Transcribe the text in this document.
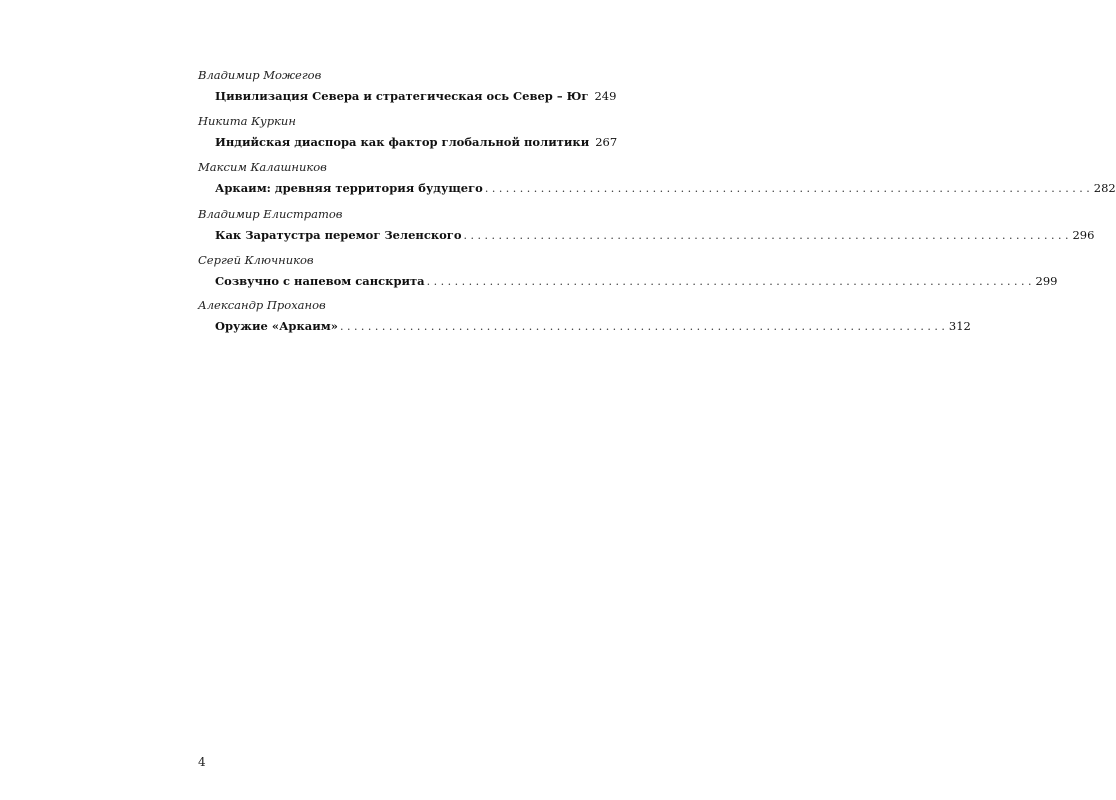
Владимир Можегов
Цивилизация Севера и стратегическая ось Север – Юг 249
Никита Куркин
Индийская диаспора как фактор глобальной политики 267
Максим Калашников
Аркаим: древняя территория будущего . . .	282
Владимир Елистратов
Как Заратустра перемог Зеленского . . .	296
Сергей Ключников
Созвучно с напевом санскрита . . .	299
Александр Проханов
Оружие «Аркаим» . . .	312
4
